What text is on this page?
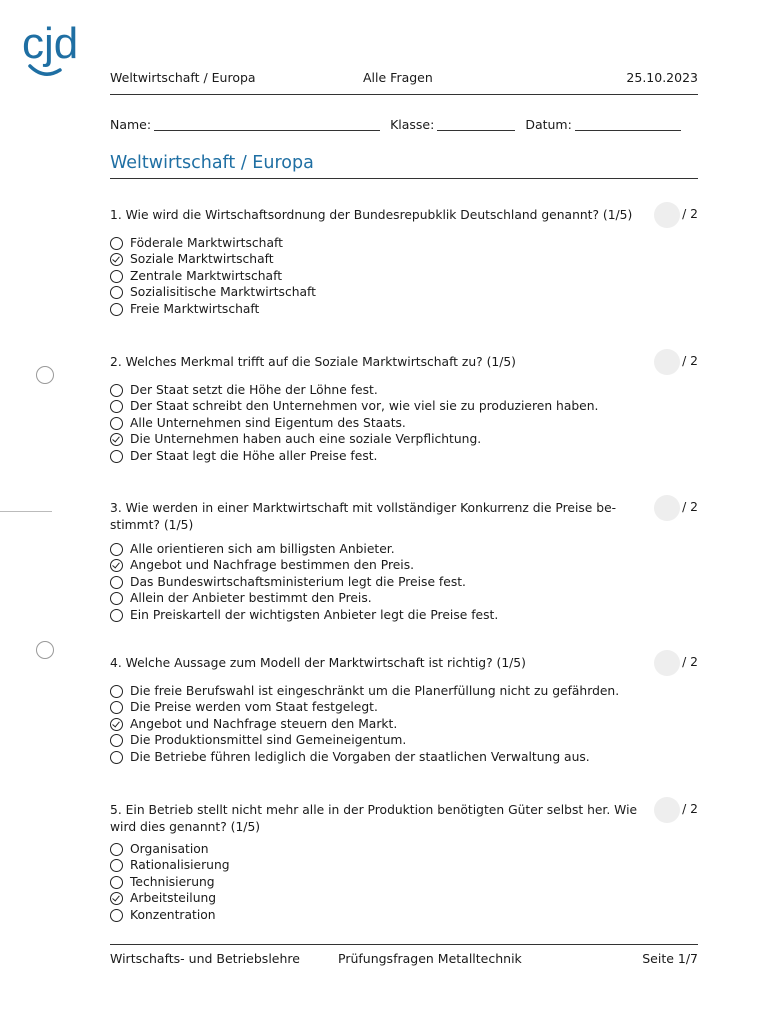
cjd
Weltwirtschaft / Europa	Alle Fragen	25.10.2023
Name:	Klasse:	Datum:
Weltwirtschaft / Europa
1. Wie wird die Wirtschaftsordnung der Bundesrepubklik Deutschland genannt? (1/5)	/ 2
Föderale Marktwirtschaft
Soziale Marktwirtschaft
Zentrale Marktwirtschaft
Sozialisitische Marktwirtschaft
Freie Marktwirtschaft
2. Welches Merkmal trifft auf die Soziale Marktwirtschaft zu? (1/5)	/ 2
Der Staat setzt die Höhe der Löhne fest.
Der Staat schreibt den Unternehmen vor, wie viel sie zu produzieren haben.
Alle Unternehmen sind Eigentum des Staats.
Die Unternehmen haben auch eine soziale Verpflichtung.
Der Staat legt die Höhe aller Preise fest.
3. Wie werden in einer Marktwirtschaft mit vollständiger Konkurrenz die Preise be-stimmt? (1/5)
/ 2
Alle orientieren sich am billigsten Anbieter.
Angebot und Nachfrage bestimmen den Preis.
Das Bundeswirtschaftsministerium legt die Preise fest.
Allein der Anbieter bestimmt den Preis.
Ein Preiskartell der wichtigsten Anbieter legt die Preise fest.
4. Welche Aussage zum Modell der Marktwirtschaft ist richtig? (1/5)	/ 2
Die freie Berufswahl ist eingeschränkt um die Planerfüllung nicht zu gefährden.
Die Preise werden vom Staat festgelegt.
Angebot und Nachfrage steuern den Markt.
Die Produktionsmittel sind Gemeineigentum.
Die Betriebe führen lediglich die Vorgaben der staatlichen Verwaltung aus.
5. Ein Betrieb stellt nicht mehr alle in der Produktion benötigten Güter selbst her. Wie wird dies genannt? (1/5)
/ 2
Organisation
Rationalisierung
Technisierung
Arbeitsteilung
Konzentration
Wirtschafts- und Betriebslehre	Prüfungsfragen Metalltechnik	Seite 1/7
